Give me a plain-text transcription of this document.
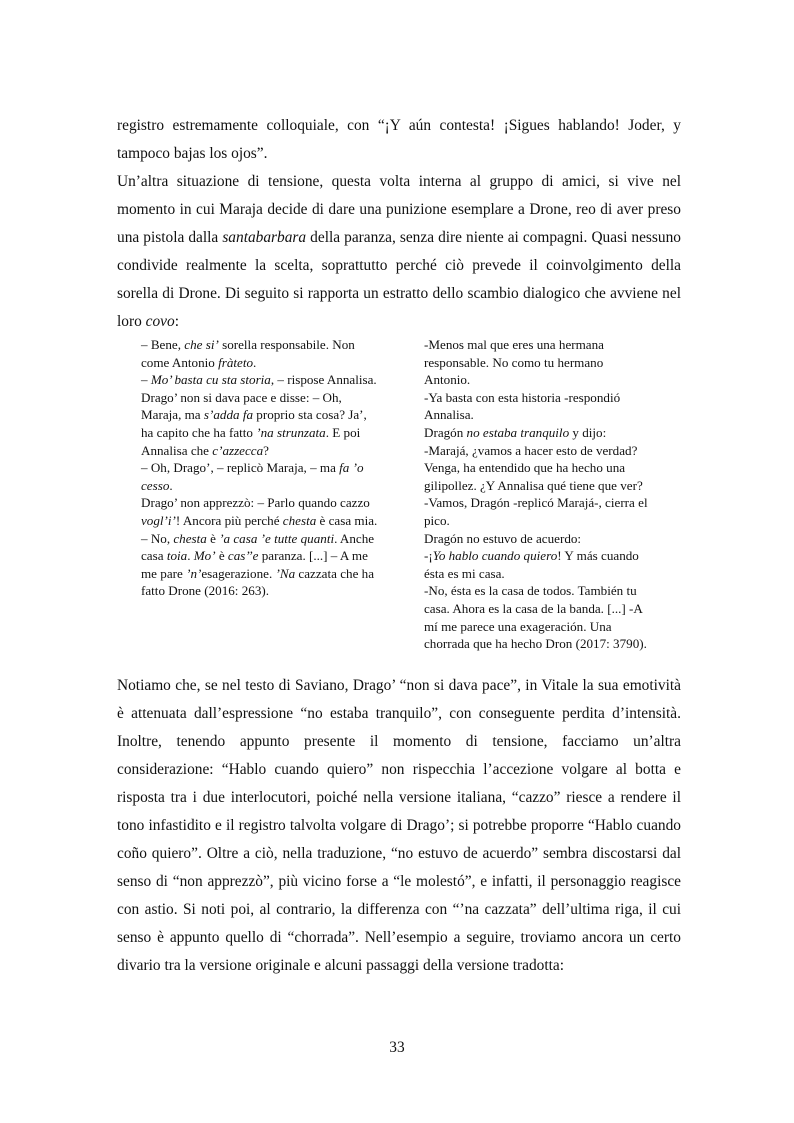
registro estremamente colloquiale, con “¡Y aún contesta! ¡Sigues hablando! Joder, y tampoco bajas los ojos”.

Un’altra situazione di tensione, questa volta interna al gruppo di amici, si vive nel momento in cui Maraja decide di dare una punizione esemplare a Drone, reo di aver preso una pistola dalla santabarbara della paranza, senza dire niente ai compagni. Quasi nessuno condivide realmente la scelta, soprattutto perché ciò prevede il coinvolgimento della sorella di Drone. Di seguito si rapporta un estratto dello scambio dialogico che avviene nel loro covo:

– Bene, che si’ sorella responsabile. Non
come Antonio fràteto.
– Mo’ basta cu sta storia, – rispose Annalisa.
Drago’ non si dava pace e disse: – Oh,
Maraja, ma s’adda fa proprio sta cosa? Ja’,
ha capito che ha fatto ’na strunzata. E poi
Annalisa che c’azzecca?
– Oh, Drago’, – replicò Maraja, – ma fa ’o
cesso.
Drago’ non apprezzò: – Parlo quando cazzo
vogl’i’! Ancora più perché chesta è casa mia.
– No, chesta è ’a casa ’e tutte quanti. Anche
casa toia. Mo’ è cas’’e paranza. [...] – A me
me pare ’n’esagerazione. ’Na cazzata che ha
fatto Drone (2016: 263).
-Menos mal que eres una hermana
responsable. No como tu hermano
Antonio.
-Ya basta con esta historia -respondió
Annalisa.
Dragón no estaba tranquilo y dijo:
-Marajá, ¿vamos a hacer esto de verdad?
Venga, ha entendido que ha hecho una
gilipollez. ¿Y Annalisa qué tiene que ver?
-Vamos, Dragón -replicó Marajá-, cierra el
pico.
Dragón no estuvo de acuerdo:
-¡Yo hablo cuando quiero! Y más cuando
ésta es mi casa.
-No, ésta es la casa de todos. También tu
casa. Ahora es la casa de la banda. [...] -A
mí me parece una exageración. Una
chorrada que ha hecho Dron (2017: 3790).

Notiamo che, se nel testo di Saviano, Drago’ “non si dava pace”, in Vitale la sua emotività è attenuata dall’espressione “no estaba tranquilo”, con conseguente perdita d’intensità. Inoltre, tenendo appunto presente il momento di tensione, facciamo un’altra considerazione: “Hablo cuando quiero” non rispecchia l’accezione volgare al botta e risposta tra i due interlocutori, poiché nella versione italiana, “cazzo” riesce a rendere il tono infastidito e il registro talvolta volgare di Drago’; si potrebbe proporre “Hablo cuando coño quiero”. Oltre a ciò, nella traduzione, “no estuvo de acuerdo” sembra discostarsi dal senso di “non apprezzò”, più vicino forse a “le molestó”, e infatti, il personaggio reagisce con astio. Si noti poi, al contrario, la differenza con “’na cazzata” dell’ultima riga, il cui senso è appunto quello di “chorrada”. Nell’esempio a seguire, troviamo ancora un certo divario tra la versione originale e alcuni passaggi della versione tradotta:

33
